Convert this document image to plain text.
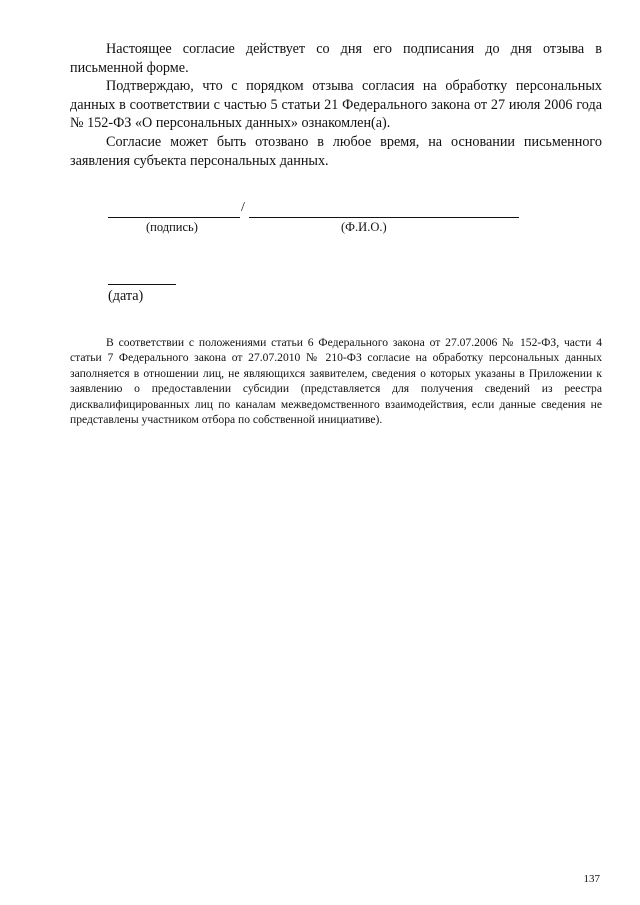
Настоящее согласие действует со дня его подписания до дня отзыва в письменной форме.

Подтверждаю, что с порядком отзыва согласия на обработку персональных данных в соответствии с частью 5 статьи 21 Федерального закона от 27 июля 2006 года № 152-ФЗ «О персональных данных» ознакомлен(а).

Согласие может быть отозвано в любое время, на основании письменного заявления субъекта персональных данных.

/
(подпись)	(Ф.И.О.)
(дата)

В соответствии с положениями статьи 6 Федерального закона от 27.07.2006 № 152-ФЗ, части 4 статьи 7 Федерального закона от 27.07.2010 № 210-ФЗ согласие на обработку персональных данных заполняется в отношении лиц, не являющихся заявителем, сведения о которых указаны в Приложении к заявлению о предоставлении субсидии (представляется для получения сведений из реестра дисквалифицированных лиц по каналам межведомственного взаимодействия, если данные сведения не представлены участником отбора по собственной инициативе).

137
